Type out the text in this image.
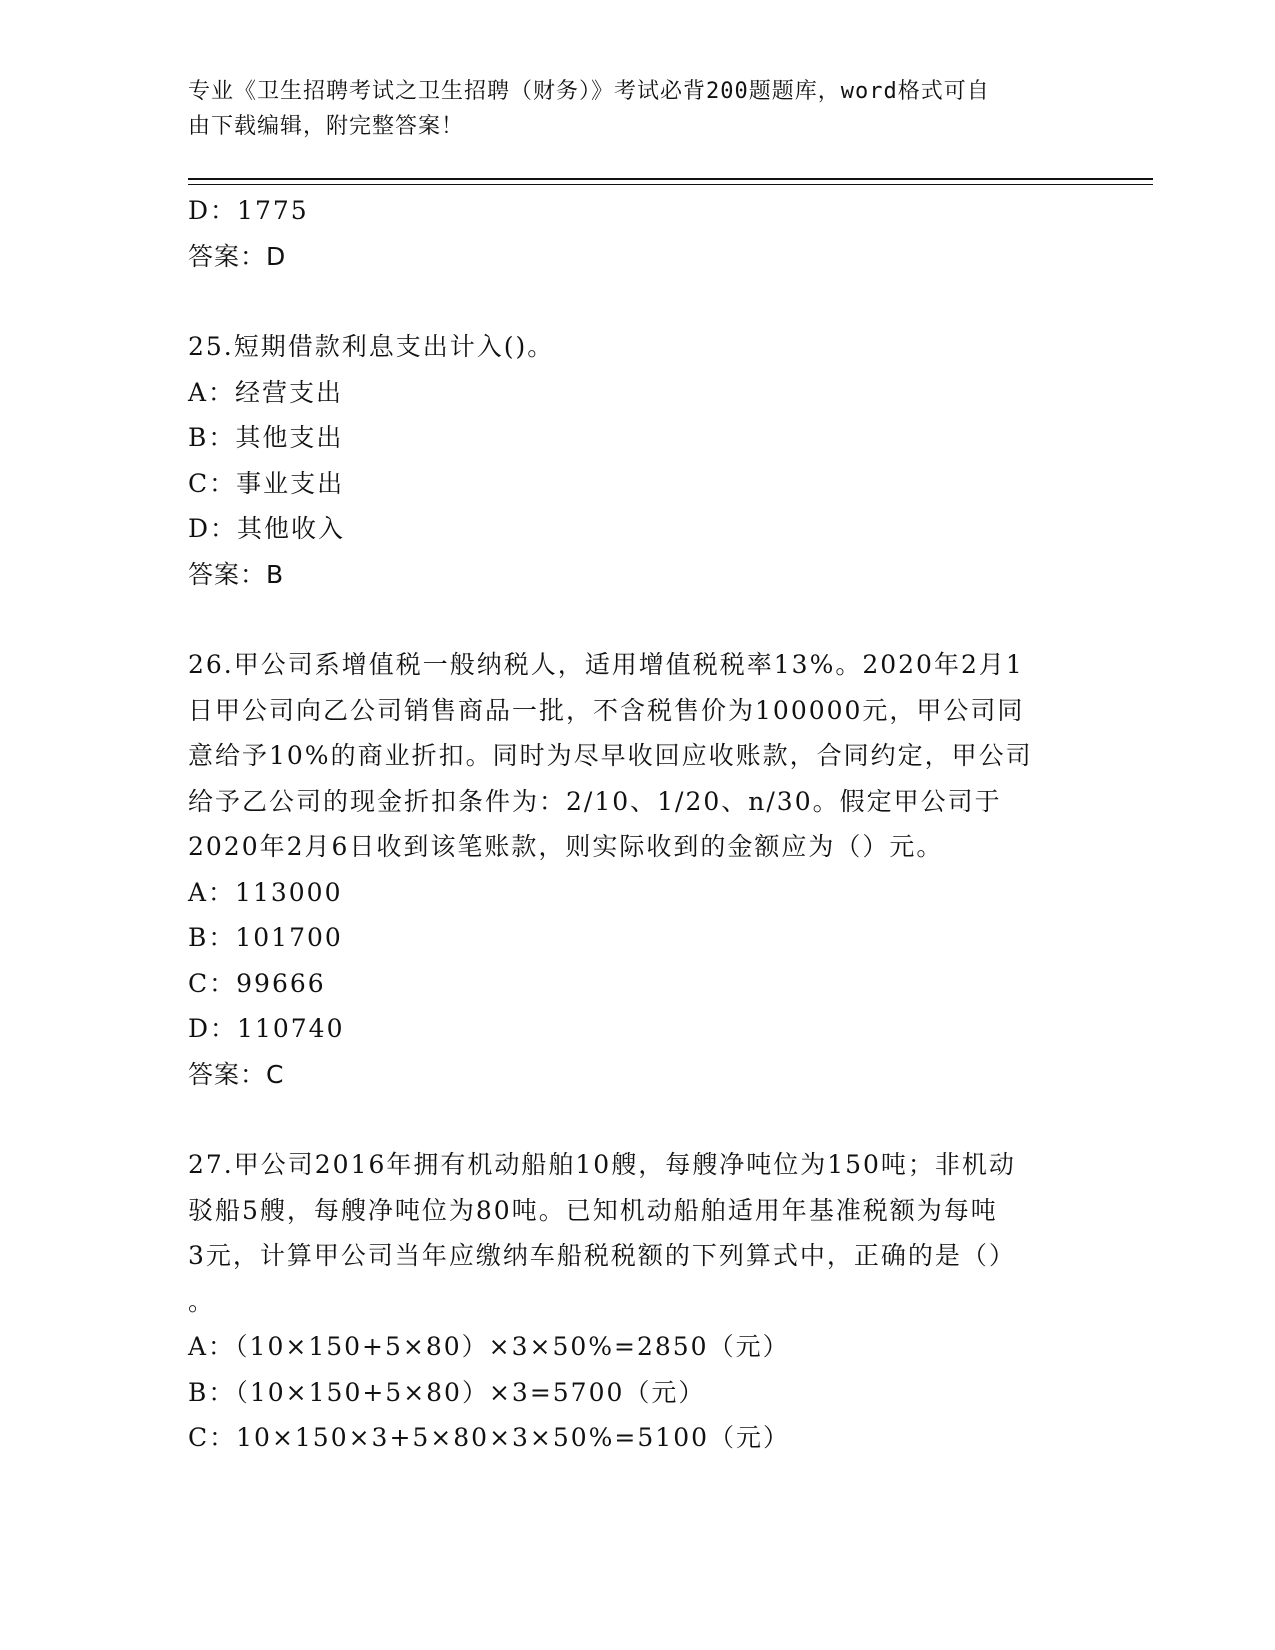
专业《卫生招聘考试之卫生招聘（财务）》考试必背200题题库，word格式可自
由下载编辑，附完整答案！
D：1775
答案：D
25.短期借款利息支出计入()。
A：经营支出
B：其他支出
C：事业支出
D：其他收入
答案：B
26.甲公司系增值税一般纳税人，适用增值税税率13%。2020年2月1
日甲公司向乙公司销售商品一批，不含税售价为100000元，甲公司同
意给予10%的商业折扣。同时为尽早收回应收账款，合同约定，甲公司
给予乙公司的现金折扣条件为：2/10、1/20、n/30。假定甲公司于
2020年2月6日收到该笔账款，则实际收到的金额应为（）元。
A：113000
B：101700
C：99666
D：110740
答案：C
27.甲公司2016年拥有机动船舶10艘，每艘净吨位为150吨；非机动
驳船5艘，每艘净吨位为80吨。已知机动船舶适用年基准税额为每吨
3元，计算甲公司当年应缴纳车船税税额的下列算式中，正确的是（）
。
A：（10×150+5×80）×3×50%=2850（元）
B：（10×150+5×80）×3=5700（元）
C：10×150×3+5×80×3×50%=5100（元）
